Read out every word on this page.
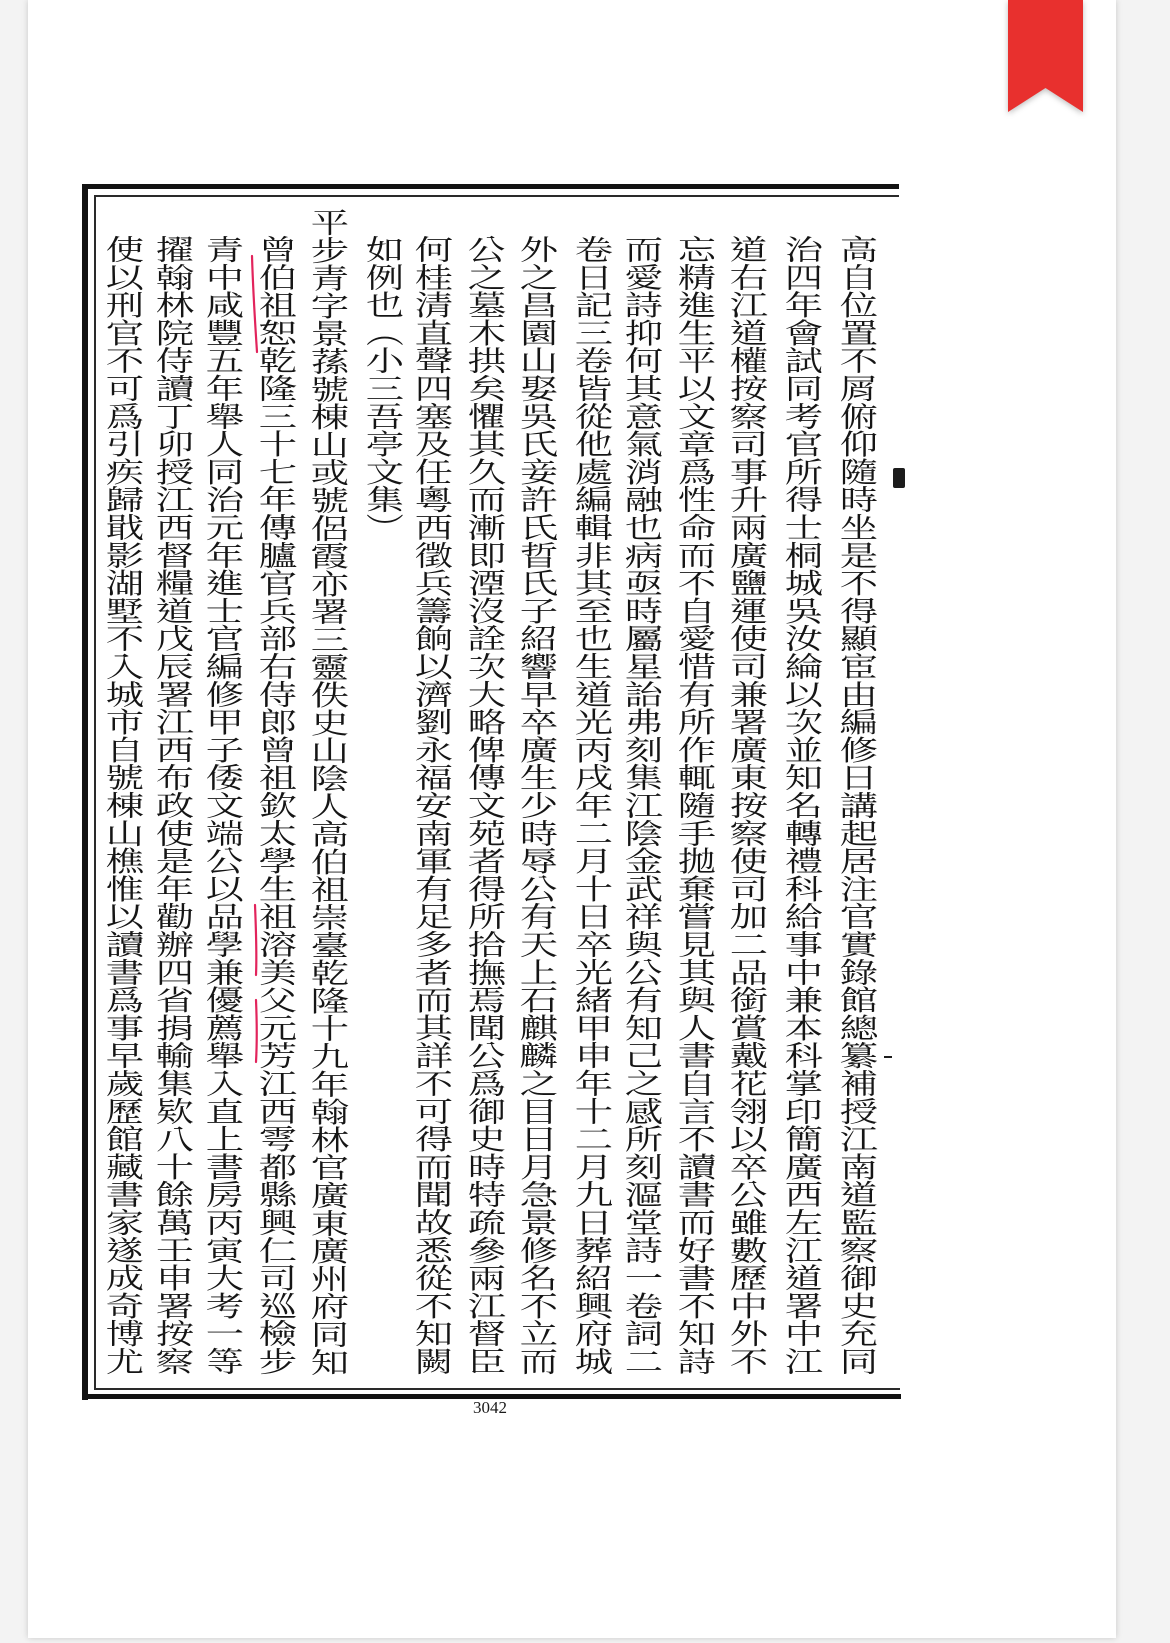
高自位置不屑俯仰隨時坐是不得顯宦由編修日講起居注官實錄館總纂補授江南道監察御史充同
治四年會試同考官所得士桐城吳汝綸以次並知名轉禮科給事中兼本科掌印簡廣西左江道署中江
道右江道權按察司事升兩廣鹽運使司兼署廣東按察使司加二品銜賞戴花翎以卒公雖數歷中外不
忘精進生平以文章爲性命而不自愛惜有所作輒隨手拋棄嘗見其與人書自言不讀書而好書不知詩
而愛詩抑何其意氣消融也病亟時屬星詒弗刻集江陰金武祥與公有知己之感所刻漚堂詩一卷詞二
卷日記三卷皆從他處編輯非其至也生道光丙戌年二月十日卒光緒甲申年十二月九日葬紹興府城
外之昌園山娶吳氏妾許氏晢氏子紹響早卒廣生少時辱公有天上石麒麟之目日月急景修名不立而
公之墓木拱矣懼其久而漸即湮沒詮次大略俾傳文苑者得所拾撫焉聞公爲御史時特疏參兩江督臣
何桂清直聲四塞及任粵西徵兵籌餉以濟劉永福安南軍有足多者而其詳不可得而聞故悉從不知闕
如例也（小三吾亭文集）
平步青字景蓀號棟山或號侶霞亦署三靈佚史山陰人高伯祖崇臺乾隆十九年翰林官廣東廣州府同知
曾伯祖恕乾隆三十七年傳臚官兵部右侍郎曾祖欽太學生祖溶美父元芳江西雩都縣興仁司巡檢步
青中咸豐五年舉人同治元年進士官編修甲子倭文端公以品學兼優薦舉入直上書房丙寅大考一等
擢翰林院侍讀丁卯授江西督糧道戊辰署江西布政使是年勸辦四省捐輸集欵八十餘萬壬申署按察
使以刑官不可爲引疾歸戢影湖墅不入城市自號棟山樵惟以讀書爲事早歲歷館藏書家遂成奇博尤
3042
